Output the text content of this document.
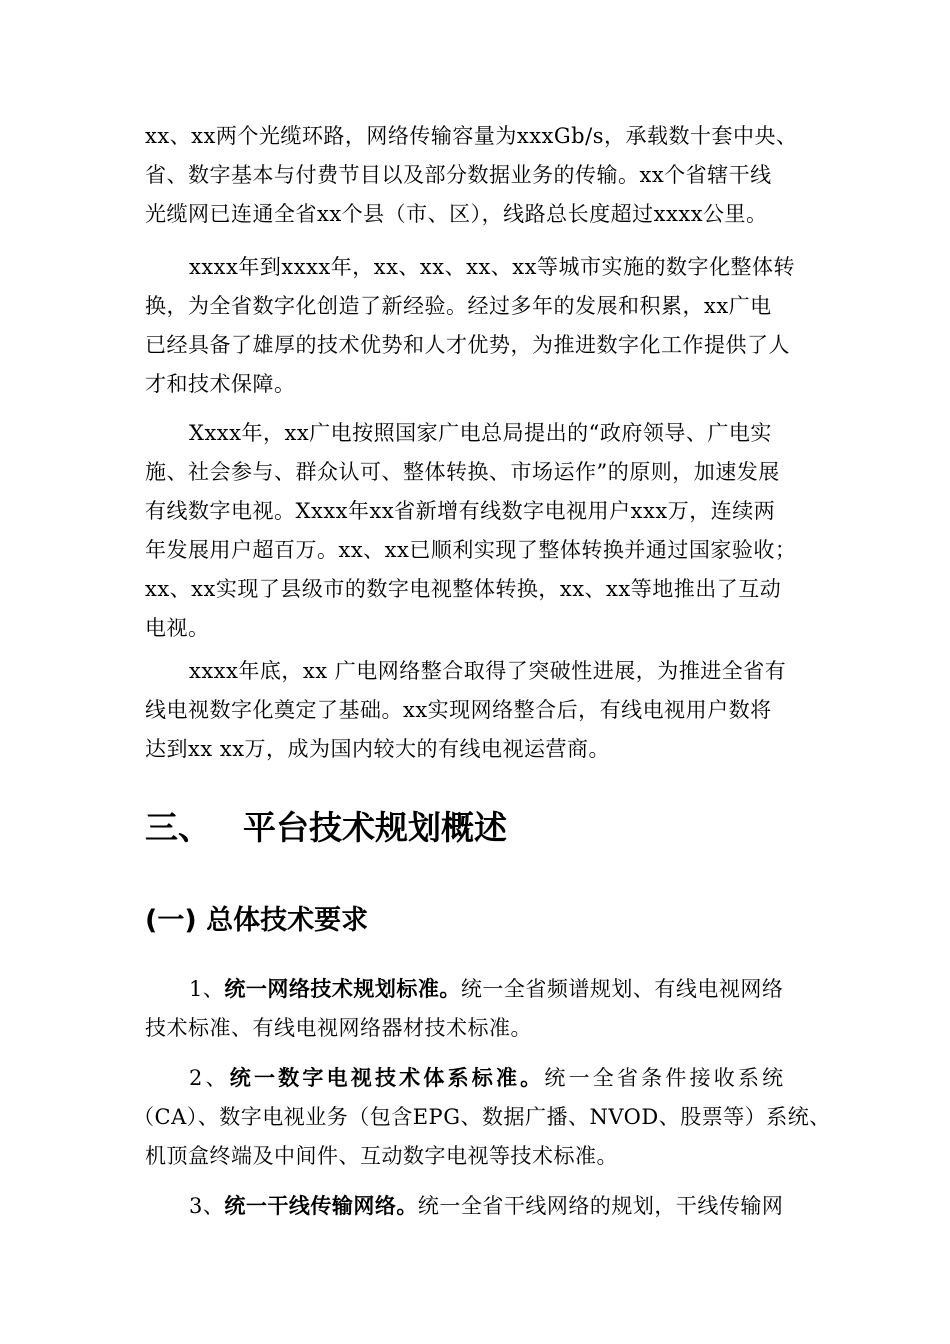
xx、xx两个光缆环路，网络传输容量为xxxGb/s，承载数十套中央、
省、数字基本与付费节目以及部分数据业务的传输。xx个省辖干线
光缆网已连通全省xx个县（市、区），线路总长度超过xxxx公里。
xxxx年到xxxx年，xx、xx、xx、xx等城市实施的数字化整体转
换，为全省数字化创造了新经验。经过多年的发展和积累，xx广电
已经具备了雄厚的技术优势和人才优势，为推进数字化工作提供了人
才和技术保障。
Xxxx年，xx广电按照国家广电总局提出的“政府领导、广电实
施、社会参与、群众认可、整体转换、市场运作”的原则，加速发展
有线数字电视。Xxxx年xx省新增有线数字电视用户xxx万，连续两
年发展用户超百万。xx、xx已顺利实现了整体转换并通过国家验收；
xx、xx实现了县级市的数字电视整体转换，xx、xx等地推出了互动
电视。
xxxx年底，xx 广电网络整合取得了突破性进展，为推进全省有
线电视数字化奠定了基础。xx实现网络整合后，有线电视用户数将
达到xx xx万，成为国内较大的有线电视运营商。
三、 平台技术规划概述
(一) 总体技术要求
1、统一网络技术规划标准。统一全省频谱规划、有线电视网络
技术标准、有线电视网络器材技术标准。
2、统一数字电视技术体系标准。统一全省条件接收系统
（CA）、数字电视业务（包含EPG、数据广播、NVOD、股票等）系统、
机顶盒终端及中间件、互动数字电视等技术标准。
3、统一干线传输网络。统一全省干线网络的规划，干线传输网
